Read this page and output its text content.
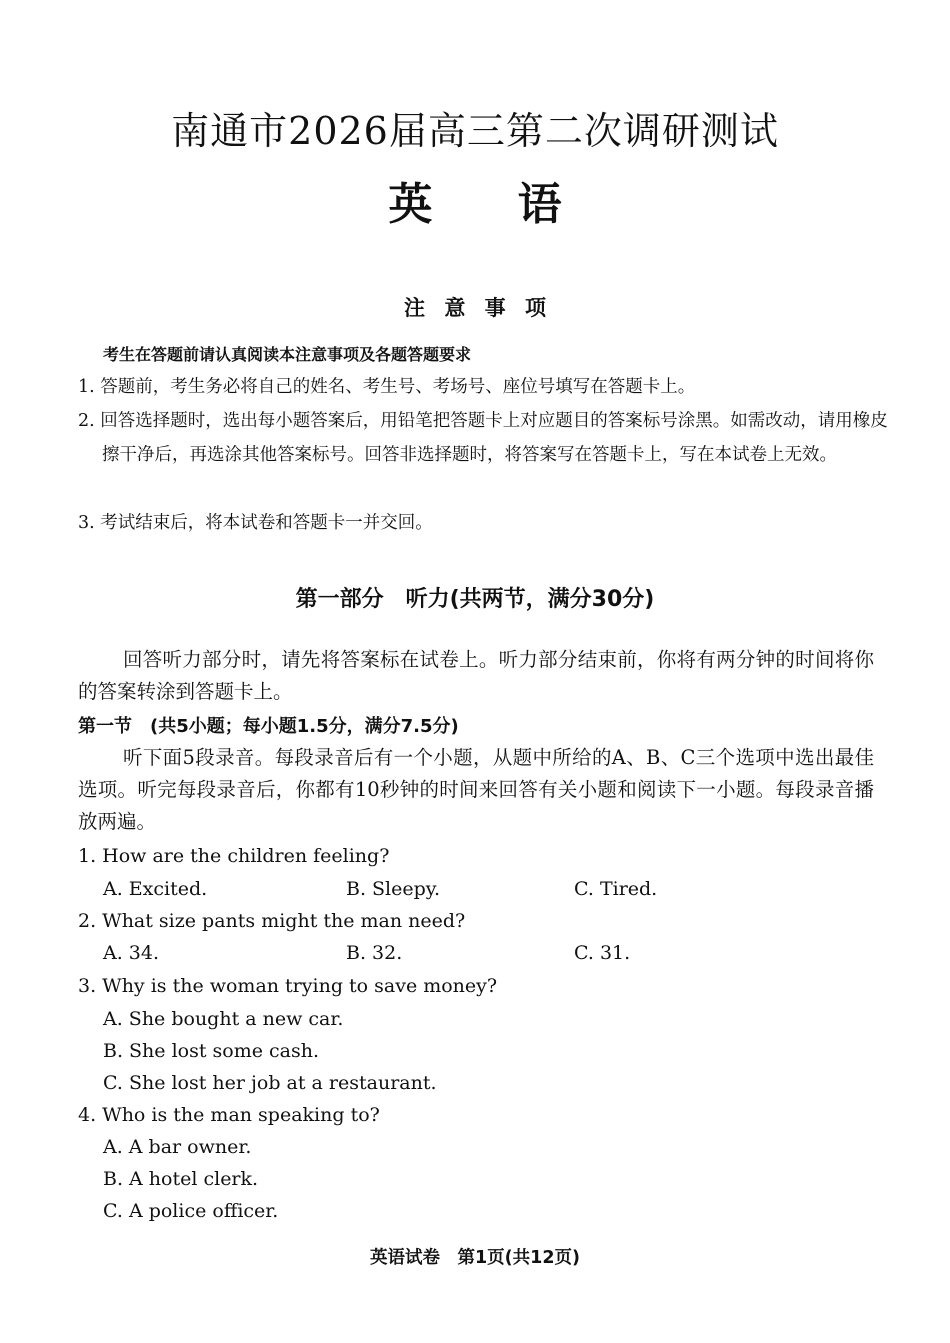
南通市2026届高三第二次调研测试
英 语
注 意 事 项
考生在答题前请认真阅读本注意事项及各题答题要求
1. 答题前，考生务必将自己的姓名、考生号、考场号、座位号填写在答题卡上。
2. 回答选择题时，选出每小题答案后，用铅笔把答题卡上对应题目的答案标号涂黑。如需改动，请用橡皮擦干净后，再选涂其他答案标号。回答非选择题时，将答案写在答题卡上，写在本试卷上无效。
3. 考试结束后，将本试卷和答题卡一并交回。
第一部分　听力(共两节，满分30分)
回答听力部分时，请先将答案标在试卷上。听力部分结束前，你将有两分钟的时间将你的答案转涂到答题卡上。
第一节　(共5小题；每小题1.5分，满分7.5分)
听下面5段录音。每段录音后有一个小题，从题中所给的A、B、C三个选项中选出最佳选项。听完每段录音后，你都有10秒钟的时间来回答有关小题和阅读下一小题。每段录音播放两遍。
1. How are the children feeling?
A. Excited.	B. Sleepy.	C. Tired.
2. What size pants might the man need?
A. 34.	B. 32.	C. 31.
3. Why is the woman trying to save money?
A. She bought a new car.
B. She lost some cash.
C. She lost her job at a restaurant.
4. Who is the man speaking to?
A. A bar owner.
B. A hotel clerk.
C. A police officer.
英语试卷　第1页(共12页)
